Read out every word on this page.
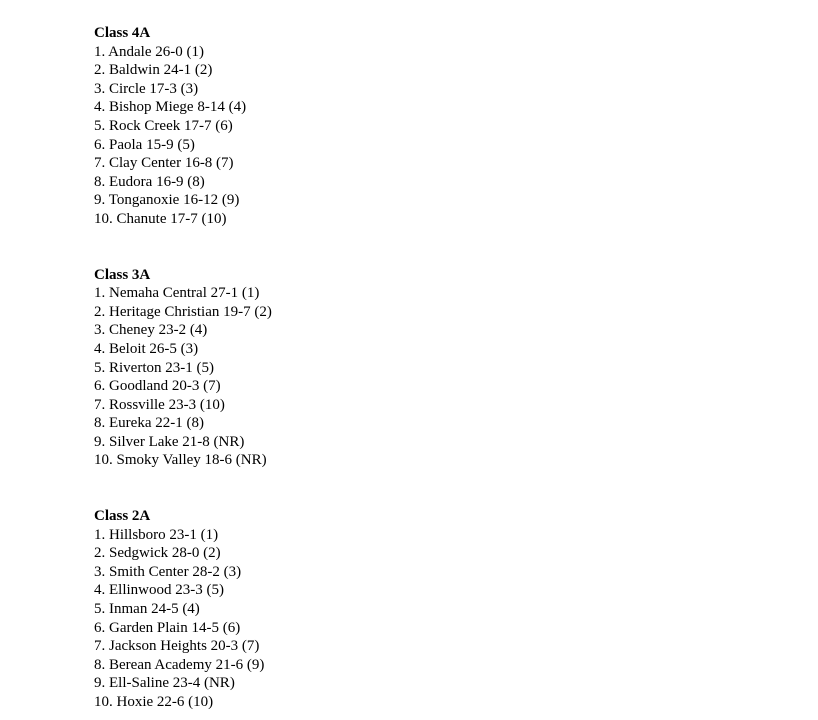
Class 4A
1. Andale 26-0 (1)
2. Baldwin 24-1 (2)
3. Circle 17-3 (3)
4. Bishop Miege 8-14 (4)
5. Rock Creek 17-7 (6)
6. Paola 15-9 (5)
7. Clay Center 16-8 (7)
8. Eudora 16-9 (8)
9. Tonganoxie 16-12 (9)
10. Chanute 17-7 (10)
Class 3A
1. Nemaha Central 27-1 (1)
2. Heritage Christian 19-7 (2)
3. Cheney 23-2 (4)
4. Beloit 26-5 (3)
5. Riverton 23-1 (5)
6. Goodland 20-3 (7)
7. Rossville 23-3 (10)
8. Eureka 22-1 (8)
9. Silver Lake 21-8 (NR)
10. Smoky Valley 18-6 (NR)
Class 2A
1. Hillsboro 23-1 (1)
2. Sedgwick 28-0 (2)
3. Smith Center 28-2 (3)
4. Ellinwood 23-3 (5)
5. Inman 24-5 (4)
6. Garden Plain 14-5 (6)
7. Jackson Heights 20-3 (7)
8. Berean Academy 21-6 (9)
9. Ell-Saline 23-4 (NR)
10. Hoxie 22-6 (10)
